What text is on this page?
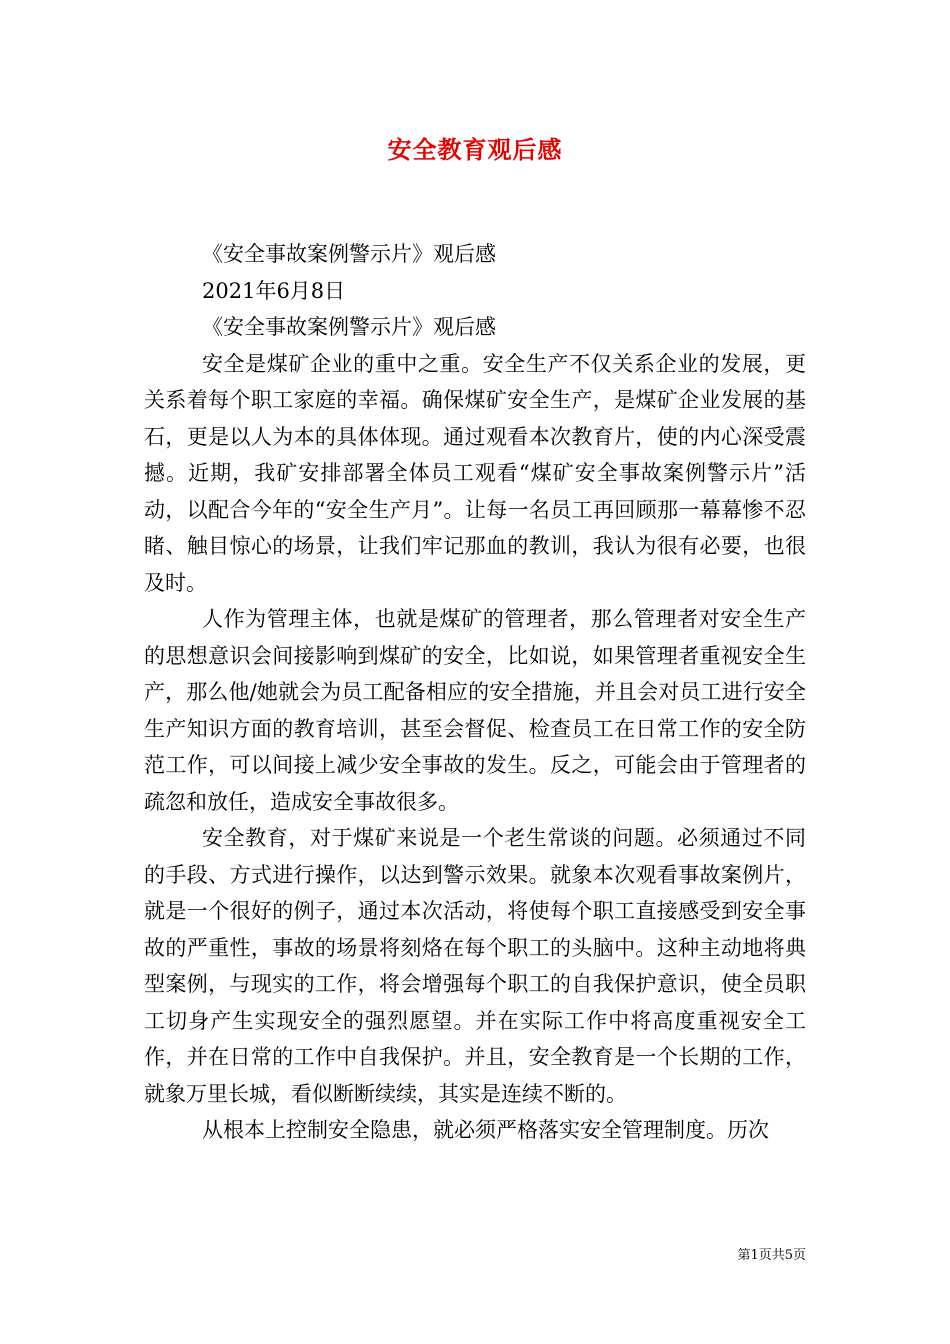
安全教育观后感

《安全事故案例警示片》观后感

2021年6月8日

《安全事故案例警示片》观后感

安全是煤矿企业的重中之重。安全生产不仅关系企业的发展，更关系着每个职工家庭的幸福。确保煤矿安全生产，是煤矿企业发展的基石，更是以人为本的具体体现。通过观看本次教育片，使的内心深受震撼。近期，我矿安排部署全体员工观看“煤矿安全事故案例警示片”活动，以配合今年的“安全生产月”。让每一名员工再回顾那一幕幕惨不忍睹、触目惊心的场景，让我们牢记那血的教训，我认为很有必要，也很及时。

人作为管理主体，也就是煤矿的管理者，那么管理者对安全生产的思想意识会间接影响到煤矿的安全，比如说，如果管理者重视安全生产，那么他/她就会为员工配备相应的安全措施，并且会对员工进行安全生产知识方面的教育培训，甚至会督促、检查员工在日常工作的安全防范工作，可以间接上减少安全事故的发生。反之，可能会由于管理者的疏忽和放任，造成安全事故很多。

安全教育，对于煤矿来说是一个老生常谈的问题。必须通过不同的手段、方式进行操作，以达到警示效果。就象本次观看事故案例片，就是一个很好的例子，通过本次活动，将使每个职工直接感受到安全事故的严重性，事故的场景将刻烙在每个职工的头脑中。这种主动地将典型案例，与现实的工作，将会增强每个职工的自我保护意识，使全员职工切身产生实现安全的强烈愿望。并在实际工作中将高度重视安全工作，并在日常的工作中自我保护。并且，安全教育是一个长期的工作，就象万里长城，看似断断续续，其实是连续不断的。

从根本上控制安全隐患，就必须严格落实安全管理制度。历次

第1页共5页
